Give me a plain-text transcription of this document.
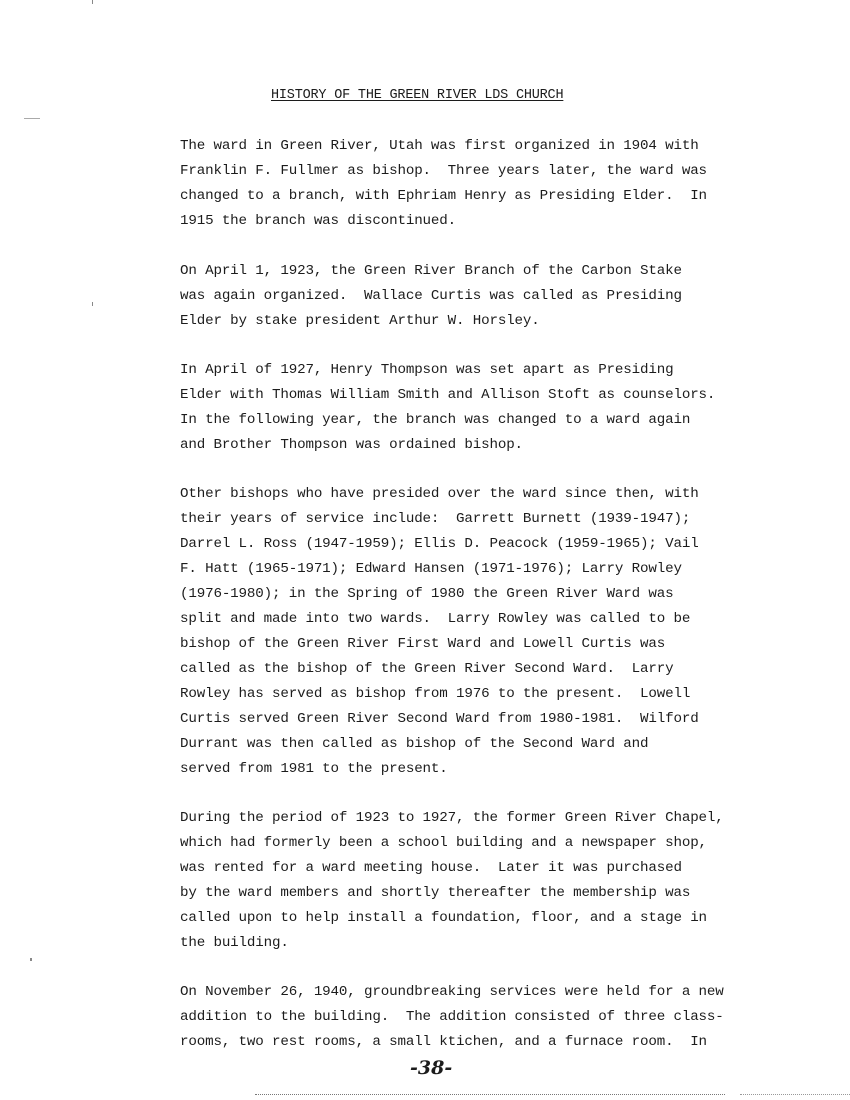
HISTORY OF THE GREEN RIVER LDS CHURCH
The ward in Green River, Utah was first organized in 1904 with
Franklin F. Fullmer as bishop.  Three years later, the ward was
changed to a branch, with Ephriam Henry as Presiding Elder.  In
1915 the branch was discontinued.
On April 1, 1923, the Green River Branch of the Carbon Stake
was again organized.  Wallace Curtis was called as Presiding
Elder by stake president Arthur W. Horsley.
In April of 1927, Henry Thompson was set apart as Presiding
Elder with Thomas William Smith and Allison Stoft as counselors.
In the following year, the branch was changed to a ward again
and Brother Thompson was ordained bishop.
Other bishops who have presided over the ward since then, with
their years of service include:  Garrett Burnett (1939-1947);
Darrel L. Ross (1947-1959); Ellis D. Peacock (1959-1965); Vail
F. Hatt (1965-1971); Edward Hansen (1971-1976); Larry Rowley
(1976-1980); in the Spring of 1980 the Green River Ward was
split and made into two wards.  Larry Rowley was called to be
bishop of the Green River First Ward and Lowell Curtis was
called as the bishop of the Green River Second Ward.  Larry
Rowley has served as bishop from 1976 to the present.  Lowell
Curtis served Green River Second Ward from 1980-1981.  Wilford
Durrant was then called as bishop of the Second Ward and
served from 1981 to the present.
During the period of 1923 to 1927, the former Green River Chapel,
which had formerly been a school building and a newspaper shop,
was rented for a ward meeting house.  Later it was purchased
by the ward members and shortly thereafter the membership was
called upon to help install a foundation, floor, and a stage in
the building.
On November 26, 1940, groundbreaking services were held for a new
addition to the building.  The addition consisted of three class-
rooms, two rest rooms, a small ktichen, and a furnace room.  In
-38-
